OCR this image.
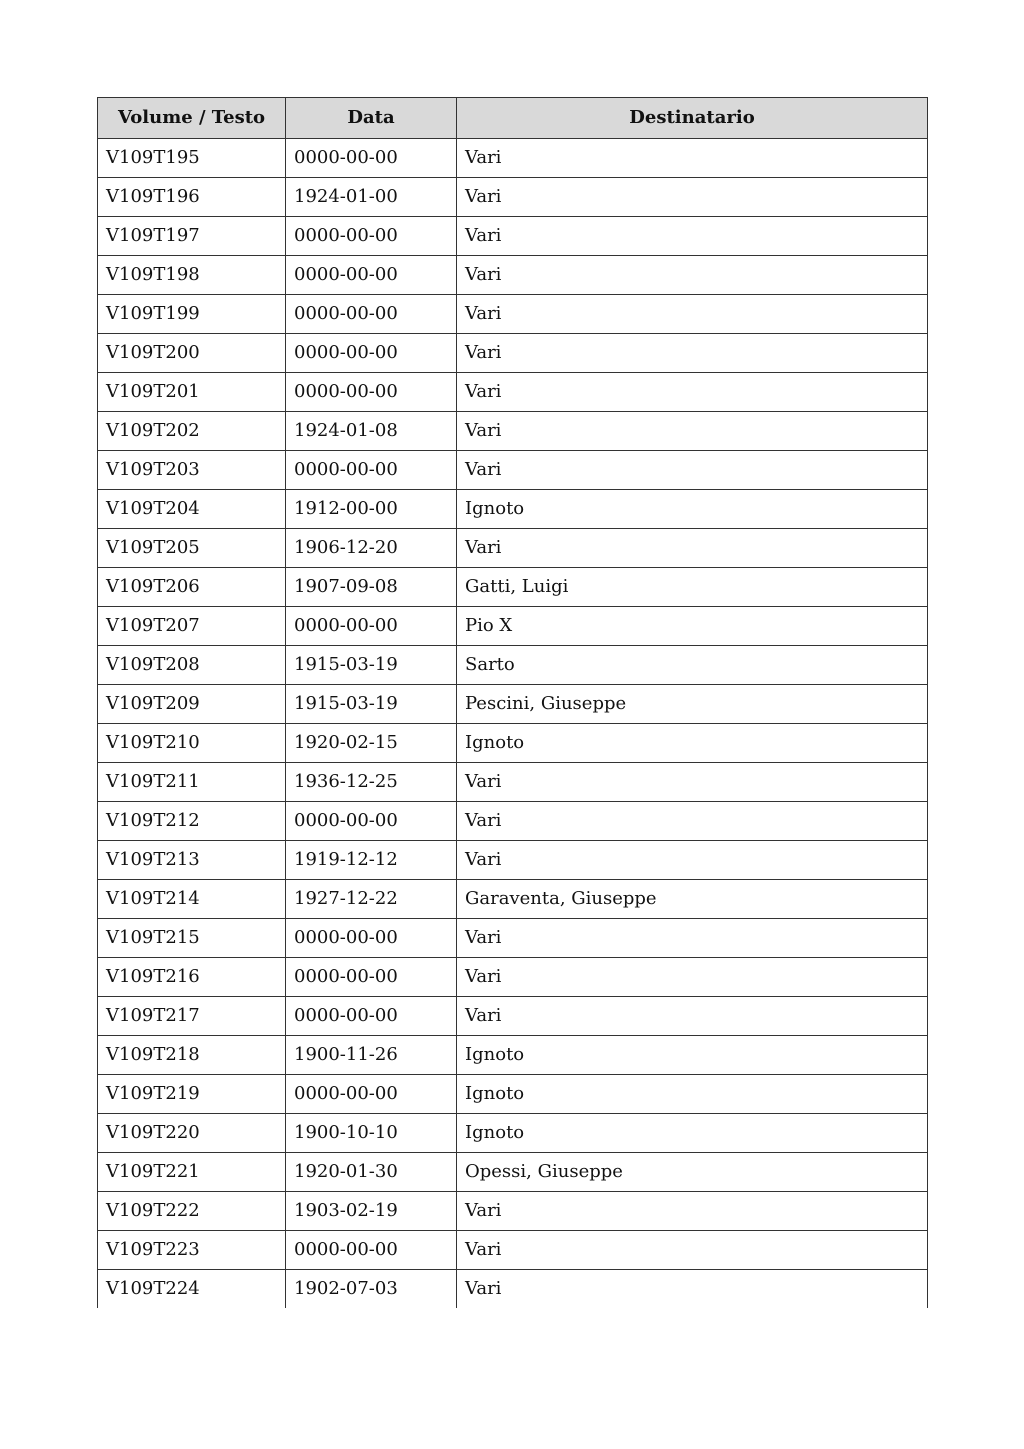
Volume / Testo	Data	Destinatario
V109T195	0000-00-00	Vari
V109T196	1924-01-00	Vari
V109T197	0000-00-00	Vari
V109T198	0000-00-00	Vari
V109T199	0000-00-00	Vari
V109T200	0000-00-00	Vari
V109T201	0000-00-00	Vari
V109T202	1924-01-08	Vari
V109T203	0000-00-00	Vari
V109T204	1912-00-00	Ignoto
V109T205	1906-12-20	Vari
V109T206	1907-09-08	Gatti, Luigi
V109T207	0000-00-00	Pio X
V109T208	1915-03-19	Sarto
V109T209	1915-03-19	Pescini, Giuseppe
V109T210	1920-02-15	Ignoto
V109T211	1936-12-25	Vari
V109T212	0000-00-00	Vari
V109T213	1919-12-12	Vari
V109T214	1927-12-22	Garaventa, Giuseppe
V109T215	0000-00-00	Vari
V109T216	0000-00-00	Vari
V109T217	0000-00-00	Vari
V109T218	1900-11-26	Ignoto
V109T219	0000-00-00	Ignoto
V109T220	1900-10-10	Ignoto
V109T221	1920-01-30	Opessi, Giuseppe
V109T222	1903-02-19	Vari
V109T223	0000-00-00	Vari
V109T224	1902-07-03	Vari
